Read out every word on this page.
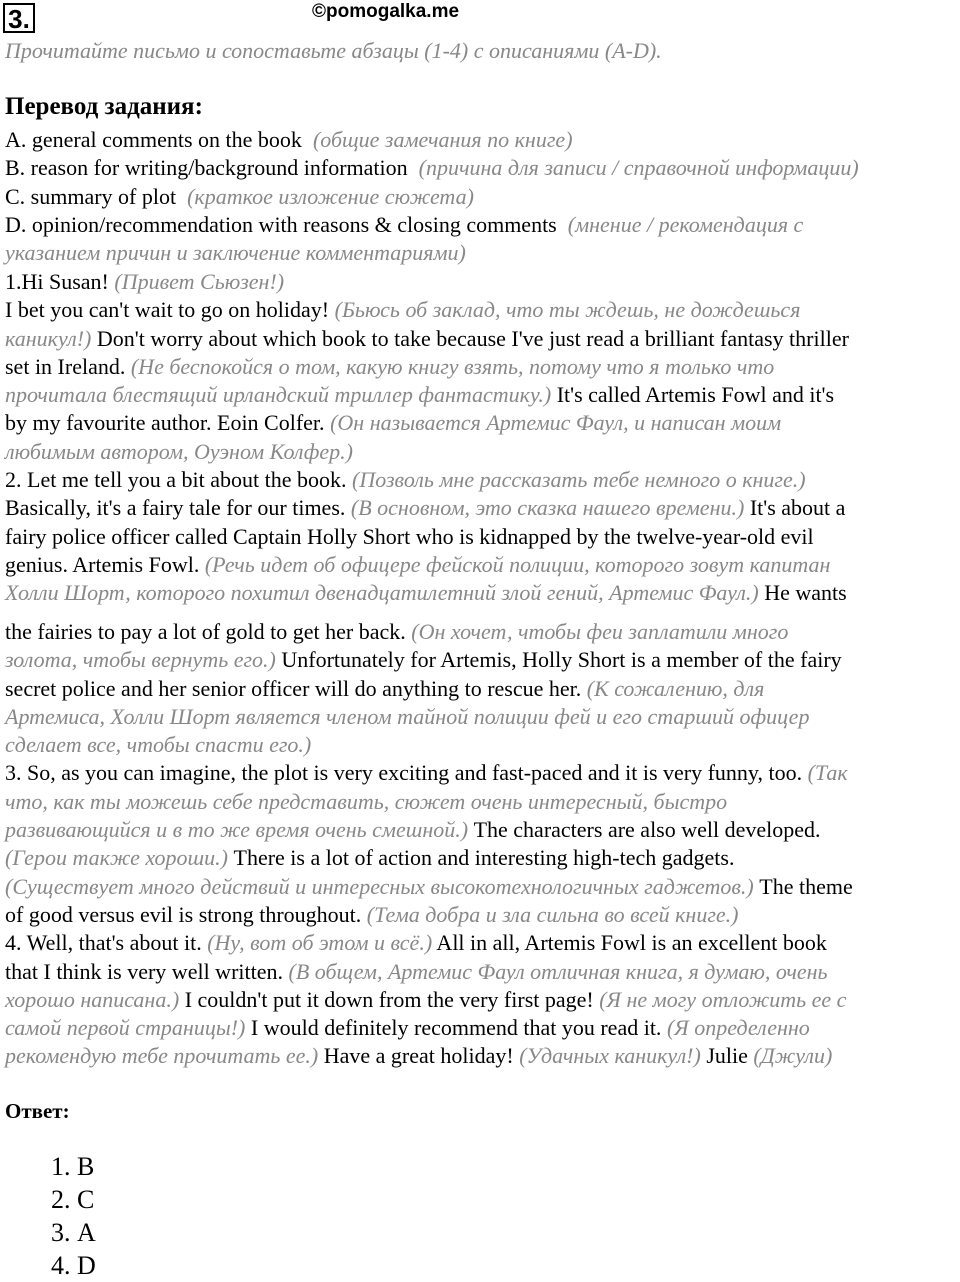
3.	©pomogalka.me
Прочитайте письмо и сопоставьте абзацы (1-4) с описаниями (A-D).
Перевод задания:

A. general comments on the book (общие замечания по книге)

B. reason for writing/background information (причина для записи / справочной информации)

C. summary of plot (краткое изложение сюжета)

D. opinion/recommendation with reasons & closing comments (мнение / рекомендация с

указанием причин и заключение комментариями)

1.Hi Susan! (Привет Сьюзен!)

I bet you can't wait to go on holiday! (Бьюсь об заклад, что ты ждешь, не дождешься

каникул!) Don't worry about which book to take because I've just read a brilliant fantasy thriller

set in Ireland. (Не беспокойся о том, какую книгу взять, потому что я только что

прочитала блестящий ирландский триллер фантастику.) It's called Artemis Fowl and it's

by my favourite author. Eoin Colfer. (Он называется Артемис Фаул, и написан моим

любимым автором, Оуэном Колфер.)

2. Let me tell you a bit about the book. (Позволь мне рассказать тебе немного о книге.)

Basically, it's a fairy tale for our times. (В основном, это сказка нашего времени.) It's about a

fairy police officer called Captain Holly Short who is kidnapped by the twelve-year-old evil

genius. Artemis Fowl. (Речь идет об офицере фейской полиции, которого зовут капитан

Холли Шорт, которого похитил двенадцатилетний злой гений, Артемис Фаул.) He wants

the fairies to pay a lot of gold to get her back. (Он хочет, чтобы феи заплатили много

золота, чтобы вернуть его.) Unfortunately for Artemis, Holly Short is a member of the fairy

secret police and her senior officer will do anything to rescue her. (К сожалению, для

Артемиса, Холли Шорт является членом тайной полиции фей и его старший офицер

сделает все, чтобы спасти его.)

3. So, as you can imagine, the plot is very exciting and fast-paced and it is very funny, too. (Так

что, как ты можешь себе представить, сюжет очень интересный, быстро

развивающийся и в то же время очень смешной.) The characters are also well developed.

(Герои также хороши.) There is a lot of action and interesting high-tech gadgets.

(Существует много действий и интересных высокотехнологичных гаджетов.) The theme

of good versus evil is strong throughout. (Тема добра и зла сильна во всей книге.)

4. Well, that's about it. (Ну, вот об этом и всё.) All in all, Artemis Fowl is an excellent book

that I think is very well written. (В общем, Артемис Фаул отличная книга, я думаю, очень

хорошо написана.) I couldn't put it down from the very first page! (Я не могу отложить ее с

самой первой страницы!) I would definitely recommend that you read it. (Я определенно

рекомендую тебе прочитать ее.) Have a great holiday! (Удачных каникул!) Julie (Джули)

Ответ:
1. B
2. C
3. A
4. D
